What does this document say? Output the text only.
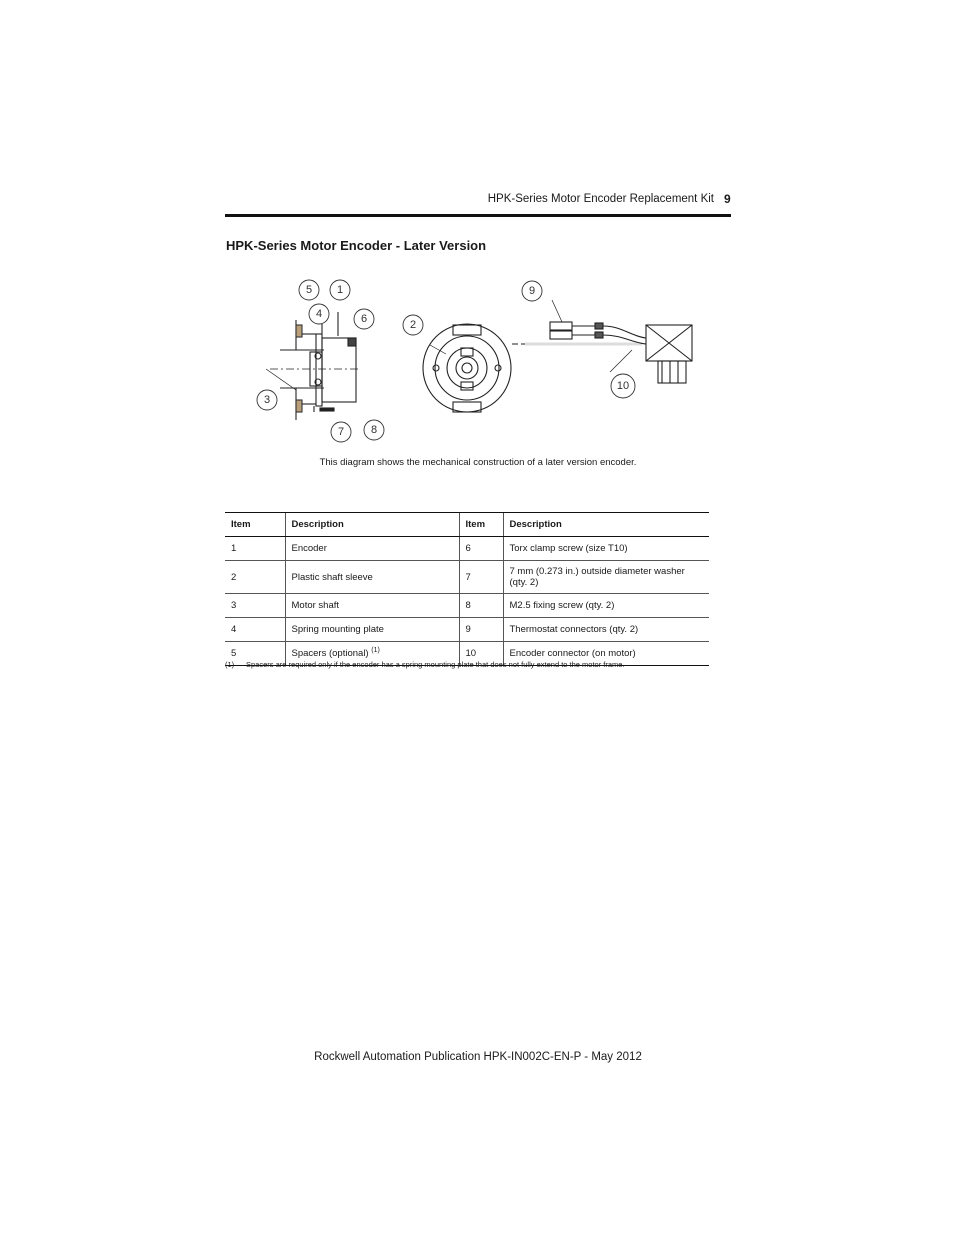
HPK-Series Motor Encoder Replacement Kit 9
HPK-Series Motor Encoder - Later Version
5 1
4	6
3
7 8
2
9
10
This diagram shows the mechanical construction of a later version encoder.
Item	Description	Item	Description
1	Encoder	6	Torx clamp screw (size T10)
2	Plastic shaft sleeve	7	7 mm (0.273 in.) outside diameter washer (qty. 2)
3	Motor shaft	8	M2.5 fixing screw (qty. 2)
4	Spring mounting plate	9	Thermostat connectors (qty. 2)
5	Spacers (optional) $^{(1)}$	10	Encoder connector (on motor)
(1) Spacers are required only if the encoder has a spring mounting plate that does not fully extend to the motor frame.
Rockwell Automation Publication HPK-IN002C-EN-P - May 2012
